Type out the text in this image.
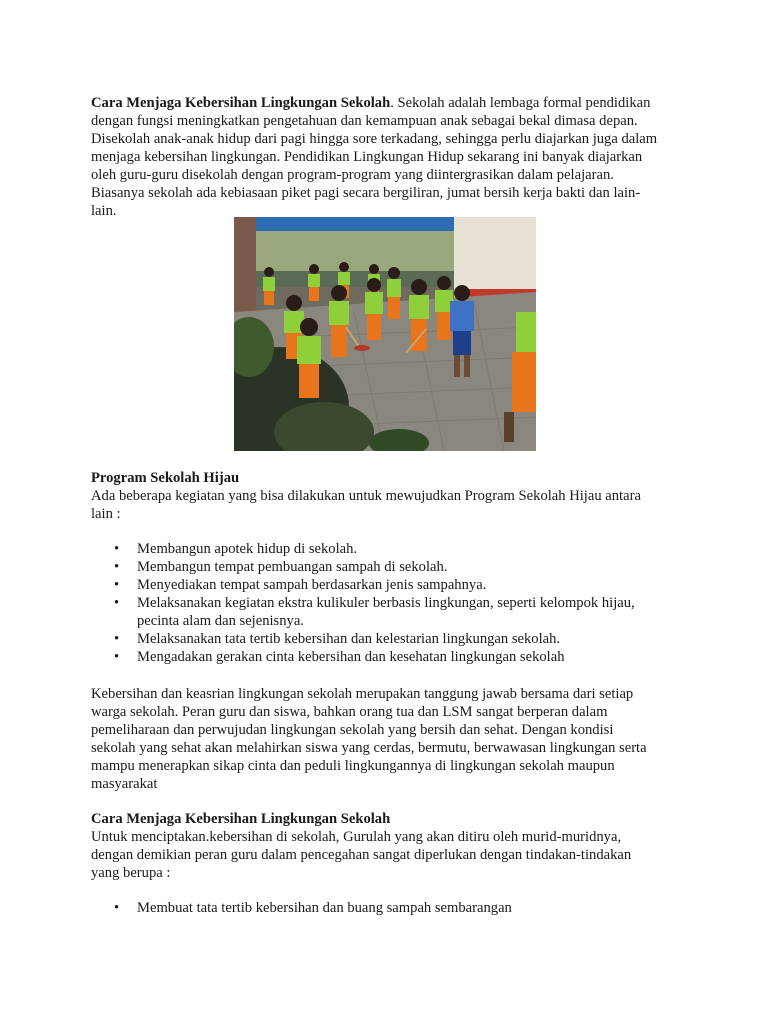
Cara Menjaga Kebersihan Lingkungan Sekolah. Sekolah adalah lembaga formal pendidikan

dengan fungsi meningkatkan pengetahuan dan kemampuan anak sebagai bekal dimasa depan.

Disekolah anak-anak hidup dari pagi hingga sore terkadang, sehingga perlu diajarkan juga dalam

menjaga kebersihan lingkungan. Pendidikan Lingkungan Hidup sekarang ini banyak diajarkan

oleh guru-guru disekolah dengan program-program yang diintergrasikan dalam pelajaran.

Biasanya sekolah ada kebiasaan piket pagi secara bergiliran, jumat bersih kerja bakti dan lain-

lain.

Program Sekolah Hijau

Ada beberapa kegiatan yang bisa dilakukan untuk mewujudkan Program Sekolah Hijau antara

lain :

• Membangun apotek hidup di sekolah.
• Membangun tempat pembuangan sampah di sekolah.
• Menyediakan tempat sampah berdasarkan jenis sampahnya.
• Melaksanakan kegiatan ekstra kulikuler berbasis lingkungan, seperti kelompok hijau,
pecinta alam dan sejenisnya.
• Melaksanakan tata tertib kebersihan dan kelestarian lingkungan sekolah.
• Mengadakan gerakan cinta kebersihan dan kesehatan lingkungan sekolah

Kebersihan dan keasrian lingkungan sekolah merupakan tanggung jawab bersama dari setiap

warga sekolah. Peran guru dan siswa, bahkan orang tua dan LSM sangat berperan dalam

pemeliharaan dan perwujudan lingkungan sekolah yang bersih dan sehat. Dengan kondisi

sekolah yang sehat akan melahirkan siswa yang cerdas, bermutu, berwawasan lingkungan serta

mampu menerapkan sikap cinta dan peduli lingkungannya di lingkungan sekolah maupun

masyarakat

Cara Menjaga Kebersihan Lingkungan Sekolah

Untuk menciptakan.kebersihan di sekolah, Gurulah yang akan ditiru oleh murid-muridnya,

dengan demikian peran guru dalam pencegahan sangat diperlukan dengan tindakan-tindakan

yang berupa :

• Membuat tata tertib kebersihan dan buang sampah sembarangan
